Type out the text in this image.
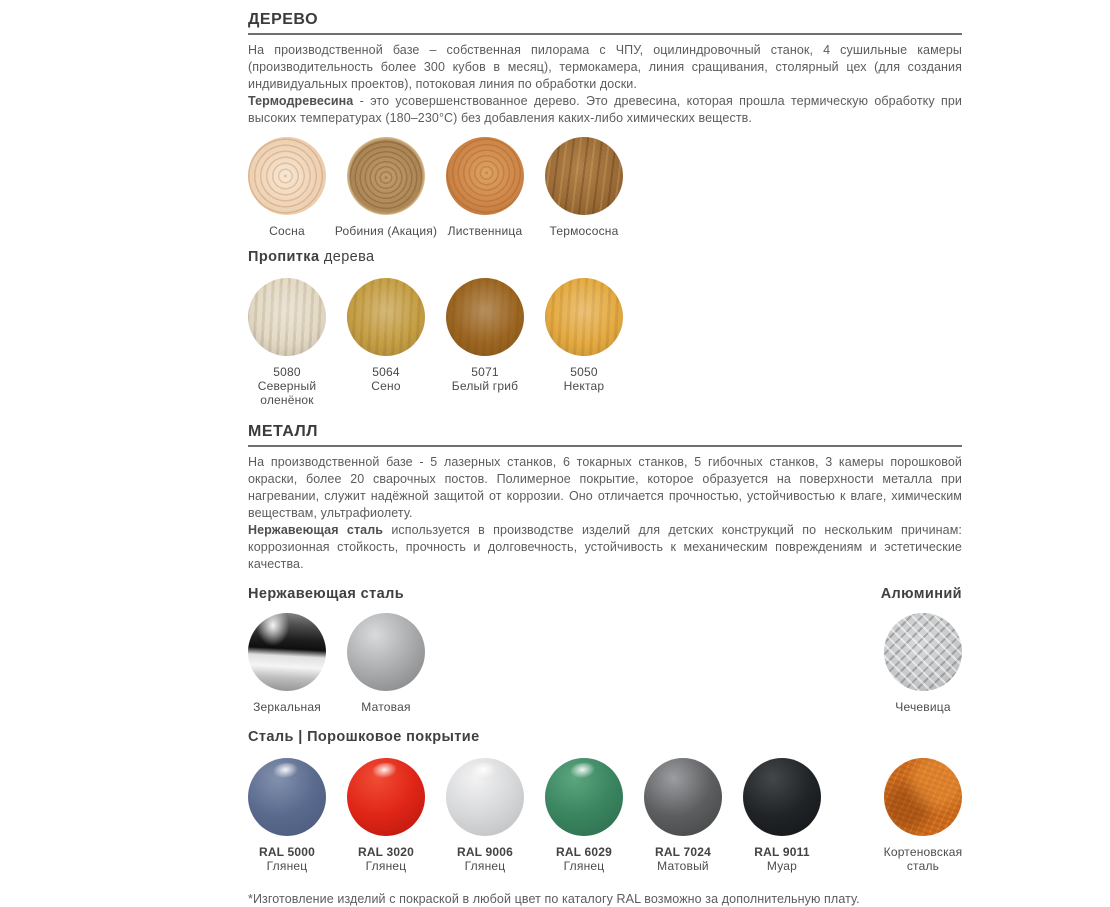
ДЕРЕВО

На производственной базе – собственная пилорама с ЧПУ, оцилиндровочный станок, 4 сушильные камеры (производительность более 300 кубов в месяц), термокамера, линия сращивания, столярный цех (для создания индивидуальных проектов), потоковая линия по обработки доски.

Термодревесина - это усовершенствованное дерево. Это древесина, которая прошла термическую обработку при высоких температурах (180–230°С) без добавления каких-либо химических веществ.

Сосна	Робиния (Акация) Лиственница Термососна
Пропитка дерева
5080
Северный оленёнок
5064
Сено
5071
Белый гриб
5050
Нектар
МЕТАЛЛ

На производственной базе - 5 лазерных станков, 6 токарных станков, 5 гибочных станков, 3 камеры порошковой окраски, более 20 сварочных постов. Полимерное покрытие, которое образуется на поверхности металла при нагревании, служит надёжной защитой от коррозии. Оно отличается прочностью, устойчивостью к влаге, химическим веществам, ультрафиолету.

Нержавеющая сталь используется в производстве изделий для детских конструкций по нескольким причинам: коррозионная стойкость, прочность и долговечность, устойчивость к механическим повреждениям и эстетические качества.

Нержавеющая сталь	Алюминий
Зеркальная	Матовая	Чечевица
Сталь | Порошковое покрытие
RAL 5000
Глянец
RAL 3020
Глянец
RAL 9006
Глянец
RAL 6029
Глянец
RAL 7024
Матовый
RAL 9011
Муар
Кортеновская сталь
*Изготовление изделий с покраской в любой цвет по каталогу RAL возможно за дополнительную плату.
